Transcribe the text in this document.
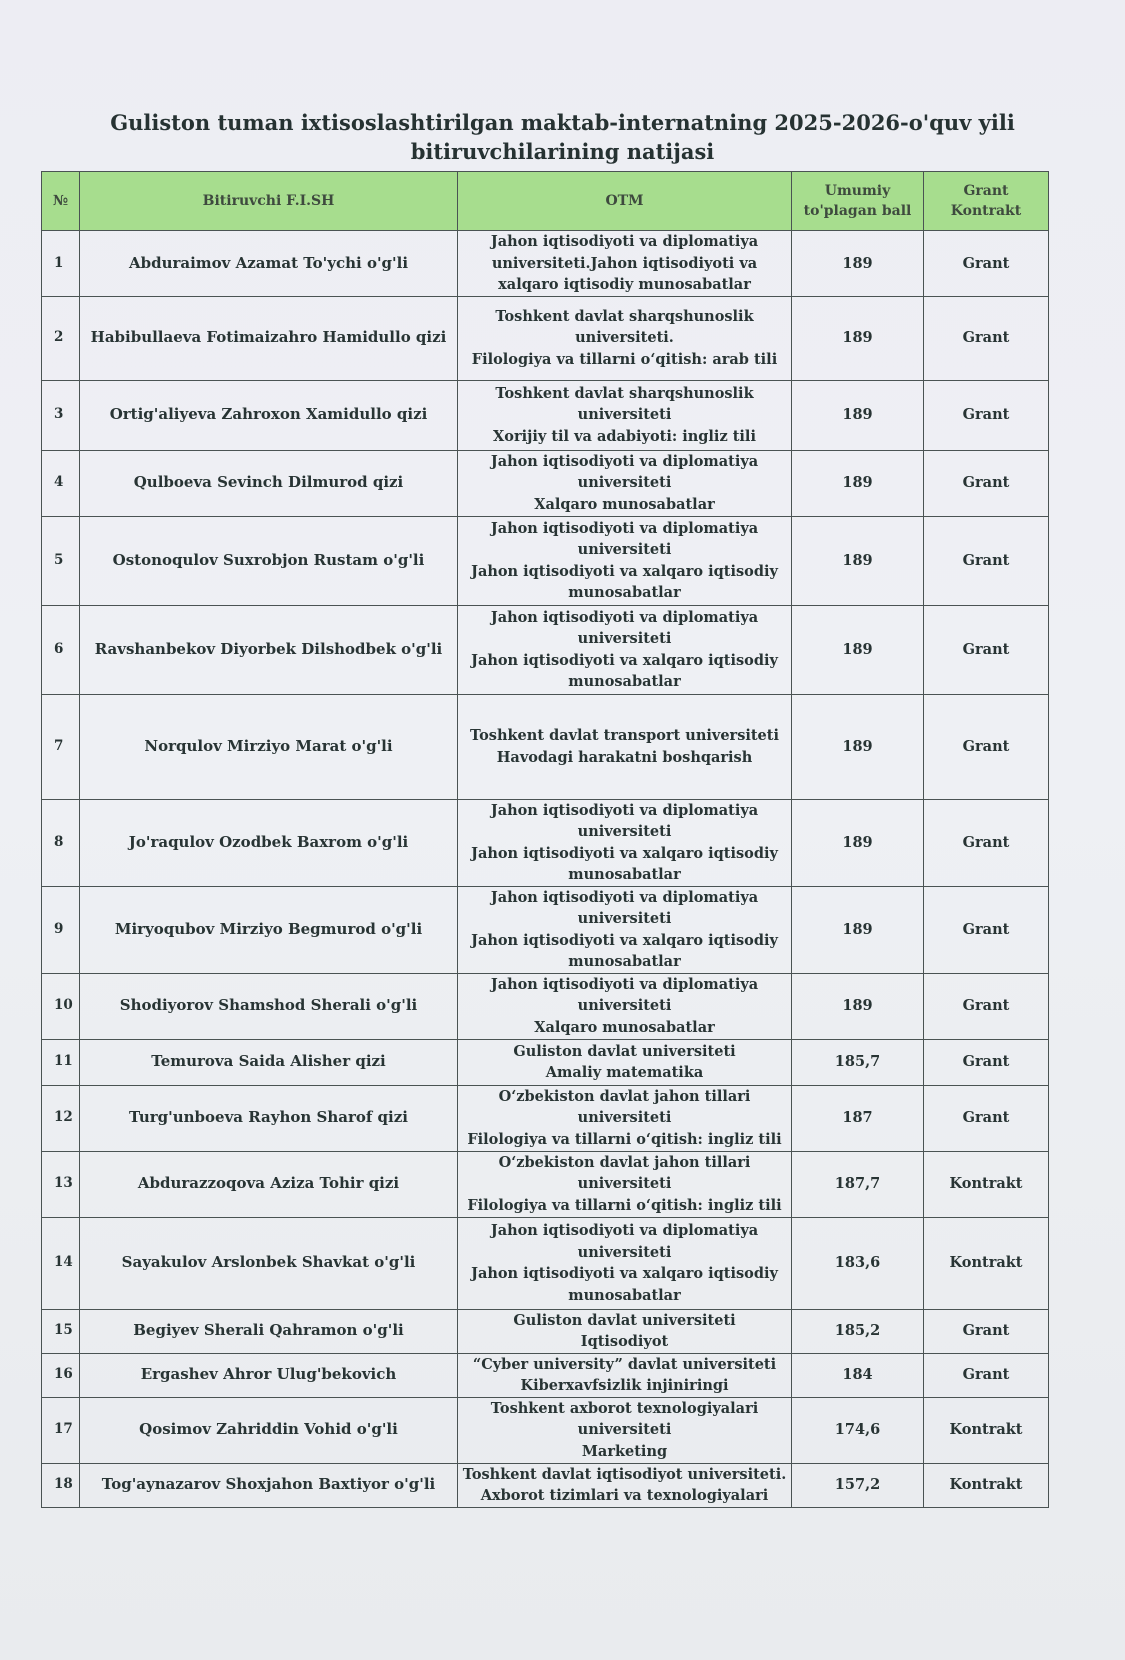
Guliston tuman ixtisoslashtirilgan maktab-internatning 2025-2026-o'quv yili
bitiruvchilarining natijasi
№	Bitiruvchi F.I.SH	OTM	Umumiy to'plagan ball	Grant Kontrakt
1	Abduraimov Azamat To'ychi o'g'li	Jahon iqtisodiyoti va diplomatiya universiteti.Jahon iqtisodiyoti va xalqaro iqtisodiy munosabatlar	189	Grant
2	Habibullaeva Fotimaizahro Hamidullo qizi	Toshkent davlat sharqshunoslik universiteti.
Filologiya va tillarni o‘qitish: arab tili	189	Grant
3	Ortig'aliyeva Zahroxon Xamidullo qizi	Toshkent davlat sharqshunoslik universiteti
Xorijiy til va adabiyoti: ingliz tili	189	Grant
4	Qulboeva Sevinch Dilmurod qizi	Jahon iqtisodiyoti va diplomatiya universiteti
Xalqaro munosabatlar	189	Grant
5	Ostonoqulov Suxrobjon Rustam o'g'li	Jahon iqtisodiyoti va diplomatiya universiteti
Jahon iqtisodiyoti va xalqaro iqtisodiy munosabatlar	189	Grant
6	Ravshanbekov Diyorbek Dilshodbek o'g'li	Jahon iqtisodiyoti va diplomatiya universiteti
Jahon iqtisodiyoti va xalqaro iqtisodiy munosabatlar	189	Grant
7	Norqulov Mirziyo Marat o'g'li	Toshkent davlat transport universiteti
Havodagi harakatni boshqarish	189	Grant
8	Jo'raqulov Ozodbek Baxrom o'g'li	Jahon iqtisodiyoti va diplomatiya universiteti
Jahon iqtisodiyoti va xalqaro iqtisodiy munosabatlar	189	Grant
9	Miryoqubov Mirziyo Begmurod o'g'li	Jahon iqtisodiyoti va diplomatiya universiteti
Jahon iqtisodiyoti va xalqaro iqtisodiy munosabatlar	189	Grant
10	Shodiyorov Shamshod Sherali o'g'li	Jahon iqtisodiyoti va diplomatiya universiteti
Xalqaro munosabatlar	189	Grant
11	Temurova Saida Alisher qizi	Guliston davlat universiteti
Amaliy matematika	185,7	Grant
12	Turg'unboeva Rayhon Sharof qizi	O‘zbekiston davlat jahon tillari universiteti
Filologiya va tillarni o‘qitish: ingliz tili	187	Grant
13	Abdurazzoqova Aziza Tohir qizi	O‘zbekiston davlat jahon tillari universiteti
Filologiya va tillarni o‘qitish: ingliz tili	187,7	Kontrakt
14	Sayakulov Arslonbek Shavkat o'g'li	Jahon iqtisodiyoti va diplomatiya universiteti
Jahon iqtisodiyoti va xalqaro iqtisodiy munosabatlar	183,6	Kontrakt
15	Begiyev Sherali Qahramon o'g'li	Guliston davlat universiteti
Iqtisodiyot	185,2	Grant
16	Ergashev Ahror Ulug'bekovich	“Cyber university” davlat universiteti
Kiberxavfsizlik injiniringi	184	Grant
17	Qosimov Zahriddin Vohid o'g'li	Toshkent axborot texnologiyalari universiteti
Marketing	174,6	Kontrakt
18	Tog'aynazarov Shoxjahon Baxtiyor o'g'li	Toshkent davlat iqtisodiyot universiteti.
Axborot tizimlari va texnologiyalari	157,2	Kontrakt
